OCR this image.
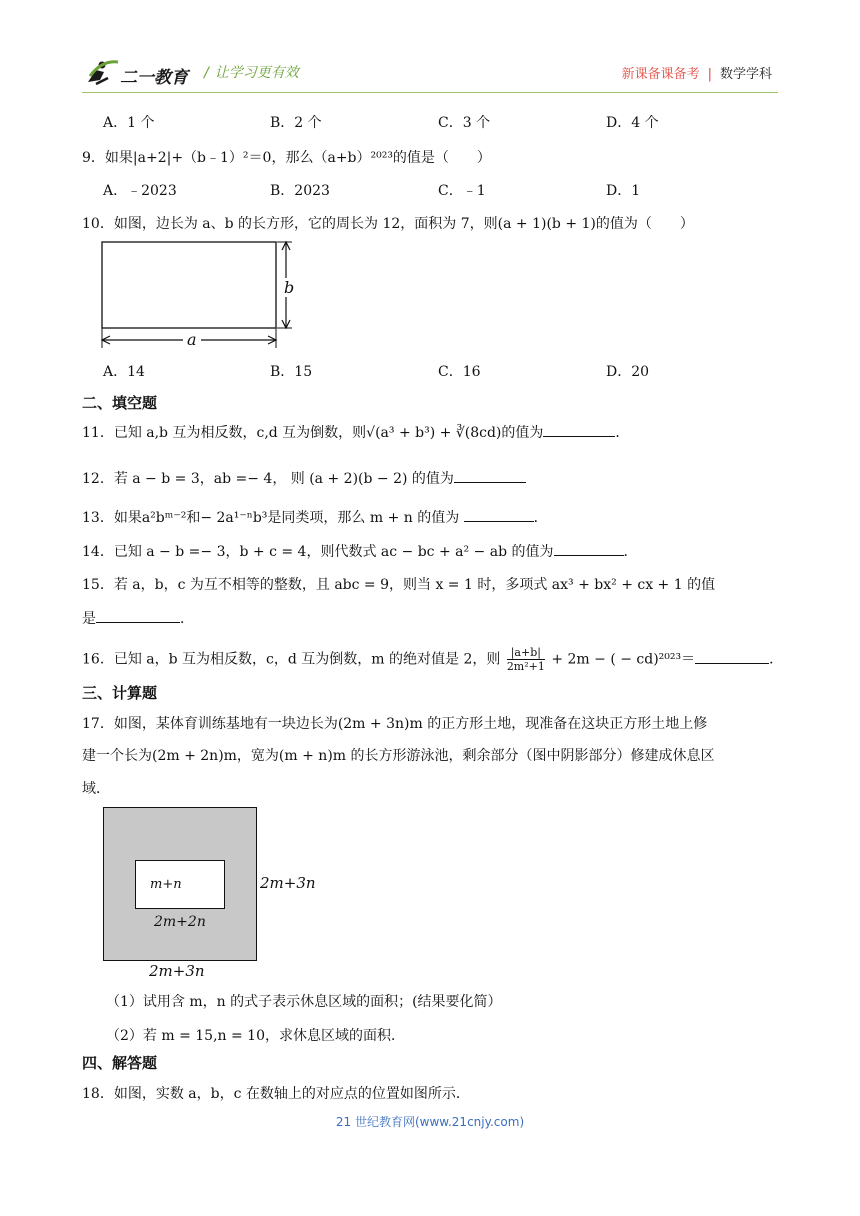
二一教育 / 让学习更有效	新课备课备考 | 数学学科
A．1 个	B．2 个	C．3 个	D．4 个
9．如果|a+2|+（b﹣1）²＝0，那么（a+b）²⁰²³的值是（　　）
A．﹣2023	B．2023	C．﹣1	D．1
10．如图，边长为 a、b 的长方形，它的周长为 12，面积为 7，则(a + 1)(b + 1)的值为（　　）
b
a
A．14	B．15	C．16	D．20
二、填空题
11．已知 a,b 互为相反数，c,d 互为倒数，则√(a³ + b³) + ∛(8cd)的值为	．
12．若 a − b = 3，ab =− 4， 则 (a + 2)(b − 2) 的值为
13．如果a²bᵐ⁻²和− 2a¹⁻ⁿb³是同类项，那么 m + n 的值为	．
14．已知 a − b =− 3，b + c = 4，则代数式 ac − bc + a² − ab 的值为	．
15．若 a，b，c 为互不相等的整数，且 abc = 9，则当 x = 1 时，多项式 ax³ + bx² + cx + 1 的值
是	．
16．已知 a，b 互为相反数，c，d 互为倒数，m 的绝对值是 2，则 $\frac{|a+b|}{\text{2m²+1}} + 2m$ − ( − cd)²⁰²³＝	．
三、计算题
17．如图，某体育训练基地有一块边长为(2m + 3n)m 的正方形土地，现准备在这块正方形土地上修
建一个长为(2m + 2n)m，宽为(m + n)m 的长方形游泳池，剩余部分（图中阴影部分）修建成休息区
域．
m+n
2m+2n
2m+3n
2m+3n
（1）试用含 m，n 的式子表示休息区域的面积；(结果要化简）
（2）若 m = 15,n = 10，求休息区域的面积．
四、解答题
18．如图，实数 a，b，c 在数轴上的对应点的位置如图所示．
21 世纪教育网(www.21cnjy.com)
